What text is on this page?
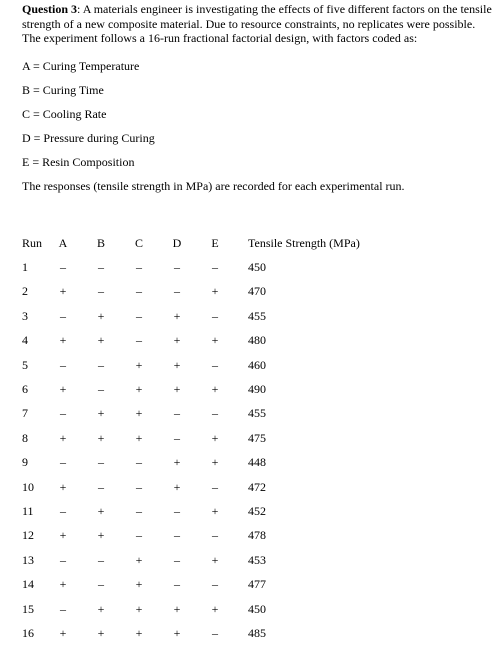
Question 3: A materials engineer is investigating the effects of five different factors on the tensile strength of a new composite material. Due to resource constraints, no replicates were possible. The experiment follows a 16-run fractional factorial design, with factors coded as:

A = Curing Temperature

B = Curing Time

C = Cooling Rate

D = Pressure during Curing

E = Resin Composition

The responses (tensile strength in MPa) are recorded for each experimental run.

Run	A	B	C	D	E	Tensile Strength (MPa)
1	–	–	–	–	–	450
2	+	–	–	–	+	470
3	–	+	–	+	–	455
4	+	+	–	+	+	480
5	–	–	+	+	–	460
6	+	–	+	+	+	490
7	–	+	+	–	–	455
8	+	+	+	–	+	475
9	–	–	–	+	+	448
10	+	–	–	+	–	472
11	–	+	–	–	+	452
12	+	+	–	–	–	478
13	–	–	+	–	+	453
14	+	–	+	–	–	477
15	–	+	+	+	+	450
16	+	+	+	+	–	485
